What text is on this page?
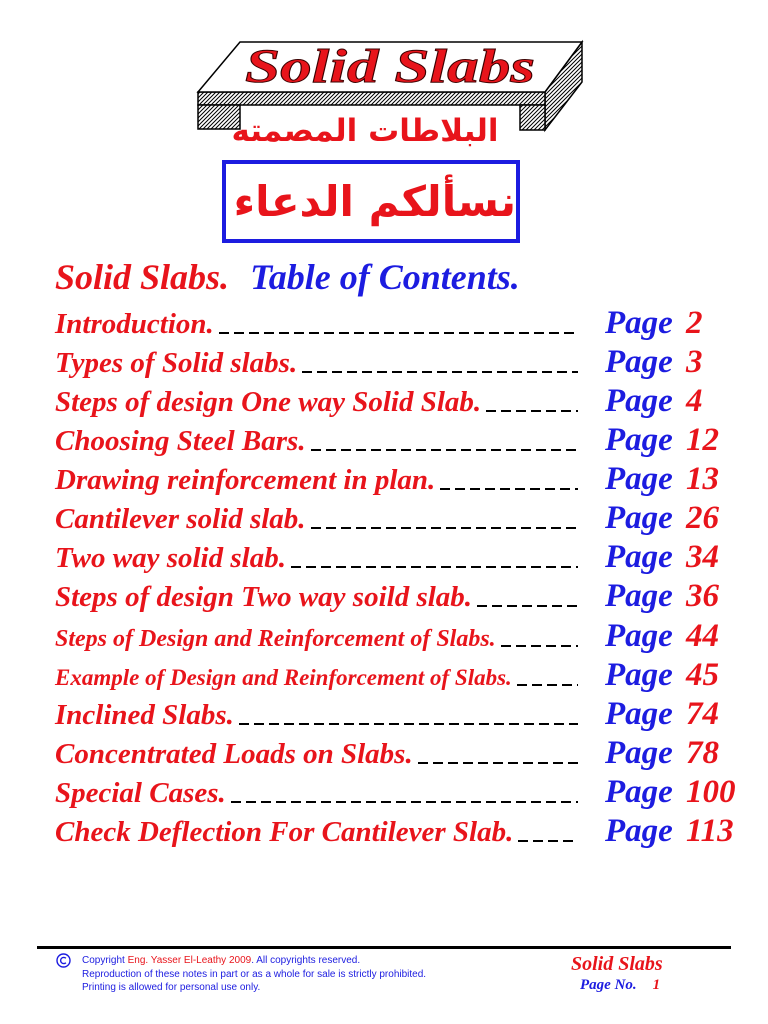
Solid Slabs
البلاطات المصمته
نسألكم الدعاء
Solid Slabs. Table of Contents.
Introduction.	Page 2
Types of Solid slabs.	Page 3
Steps of design One way Solid Slab.	Page 4
Choosing Steel Bars.	Page 12
Drawing reinforcement in plan.	Page 13
Cantilever solid slab.	Page 26
Two way solid slab.	Page 34
Steps of design Two way soild slab.	Page 36
Steps of Design and Reinforcement of Slabs.	Page 44
Example of Design and Reinforcement of Slabs.	Page 45
Inclined Slabs.	Page 74
Concentrated Loads on Slabs.	Page 78
Special Cases.	Page 100
Check Deflection For Cantilever Slab.	Page 113
Copyright Eng. Yasser El-Leathy 2009. All copyrights reserved.
Reproduction of these notes in part or as a whole for sale is strictly prohibited.
Printing is allowed for personal use only.
Solid Slabs
Page No. 1
